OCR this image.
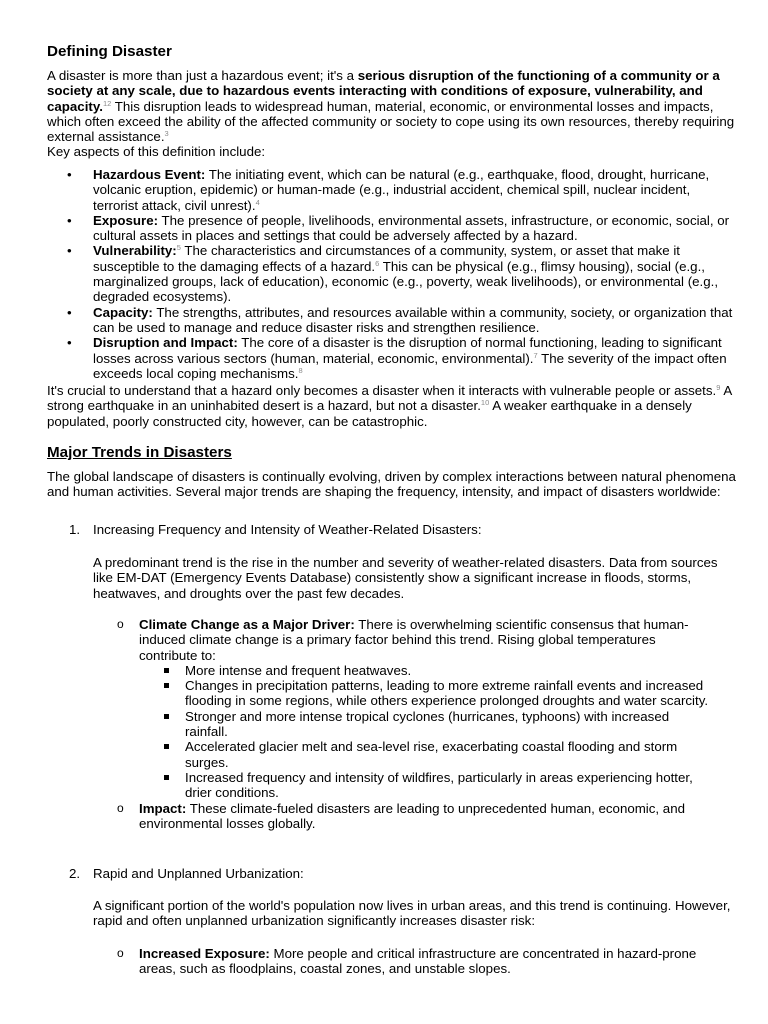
Defining Disaster

A disaster is more than just a hazardous event; it's a serious disruption of the functioning of a community or a society at any scale, due to hazardous events interacting with conditions of exposure, vulnerability, and capacity.$^{12}$ This disruption leads to widespread human, material, economic, or environmental losses and impacts, which often exceed the ability of the affected community or society to cope using its own resources, thereby requiring external assistance.$^3$
Key aspects of this definition include:

• Hazardous Event: The initiating event, which can be natural (e.g., earthquake, flood, drought, hurricane, volcanic eruption, epidemic) or human-made (e.g., industrial accident, chemical spill, nuclear incident, terrorist attack, civil unrest).$^4$
• Exposure: The presence of people, livelihoods, environmental assets, infrastructure, or economic, social, or cultural assets in places and settings that could be adversely affected by a hazard.
• Vulnerability:$^5$ The characteristics and circumstances of a community, system, or asset that make it susceptible to the damaging effects of a hazard.$^6$ This can be physical (e.g., flimsy housing), social (e.g., marginalized groups, lack of education), economic (e.g., poverty, weak livelihoods), or environmental (e.g., degraded ecosystems).
• Capacity: The strengths, attributes, and resources available within a community, society, or organization that can be used to manage and reduce disaster risks and strengthen resilience.
• Disruption and Impact: The core of a disaster is the disruption of normal functioning, leading to significant losses across various sectors (human, material, economic, environmental).$^7$ The severity of the impact often exceeds local coping mechanisms.$^8$

It's crucial to understand that a hazard only becomes a disaster when it interacts with vulnerable people or assets.$^9$ A strong earthquake in an uninhabited desert is a hazard, but not a disaster.$^{10}$ A weaker earthquake in a densely populated, poorly constructed city, however, can be catastrophic.

Major Trends in Disasters

The global landscape of disasters is continually evolving, driven by complex interactions between natural phenomena and human activities. Several major trends are shaping the frequency, intensity, and impact of disasters worldwide:

1. Increasing Frequency and Intensity of Weather-Related Disasters:
A predominant trend is the rise in the number and severity of weather-related disasters. Data from sources like EM-DAT (Emergency Events Database) consistently show a significant increase in floods, storms, heatwaves, and droughts over the past few decades.
o Climate Change as a Major Driver: There is overwhelming scientific consensus that human-induced climate change is a primary factor behind this trend. Rising global temperatures contribute to:
More intense and frequent heatwaves.
Changes in precipitation patterns, leading to more extreme rainfall events and increased flooding in some regions, while others experience prolonged droughts and water scarcity.
Stronger and more intense tropical cyclones (hurricanes, typhoons) with increased rainfall.
Accelerated glacier melt and sea-level rise, exacerbating coastal flooding and storm surges.
Increased frequency and intensity of wildfires, particularly in areas experiencing hotter, drier conditions.
o Impact: These climate-fueled disasters are leading to unprecedented human, economic, and environmental losses globally.
2. Rapid and Unplanned Urbanization:
A significant portion of the world's population now lives in urban areas, and this trend is continuing. However, rapid and often unplanned urbanization significantly increases disaster risk:
o Increased Exposure: More people and critical infrastructure are concentrated in hazard-prone areas, such as floodplains, coastal zones, and unstable slopes.
